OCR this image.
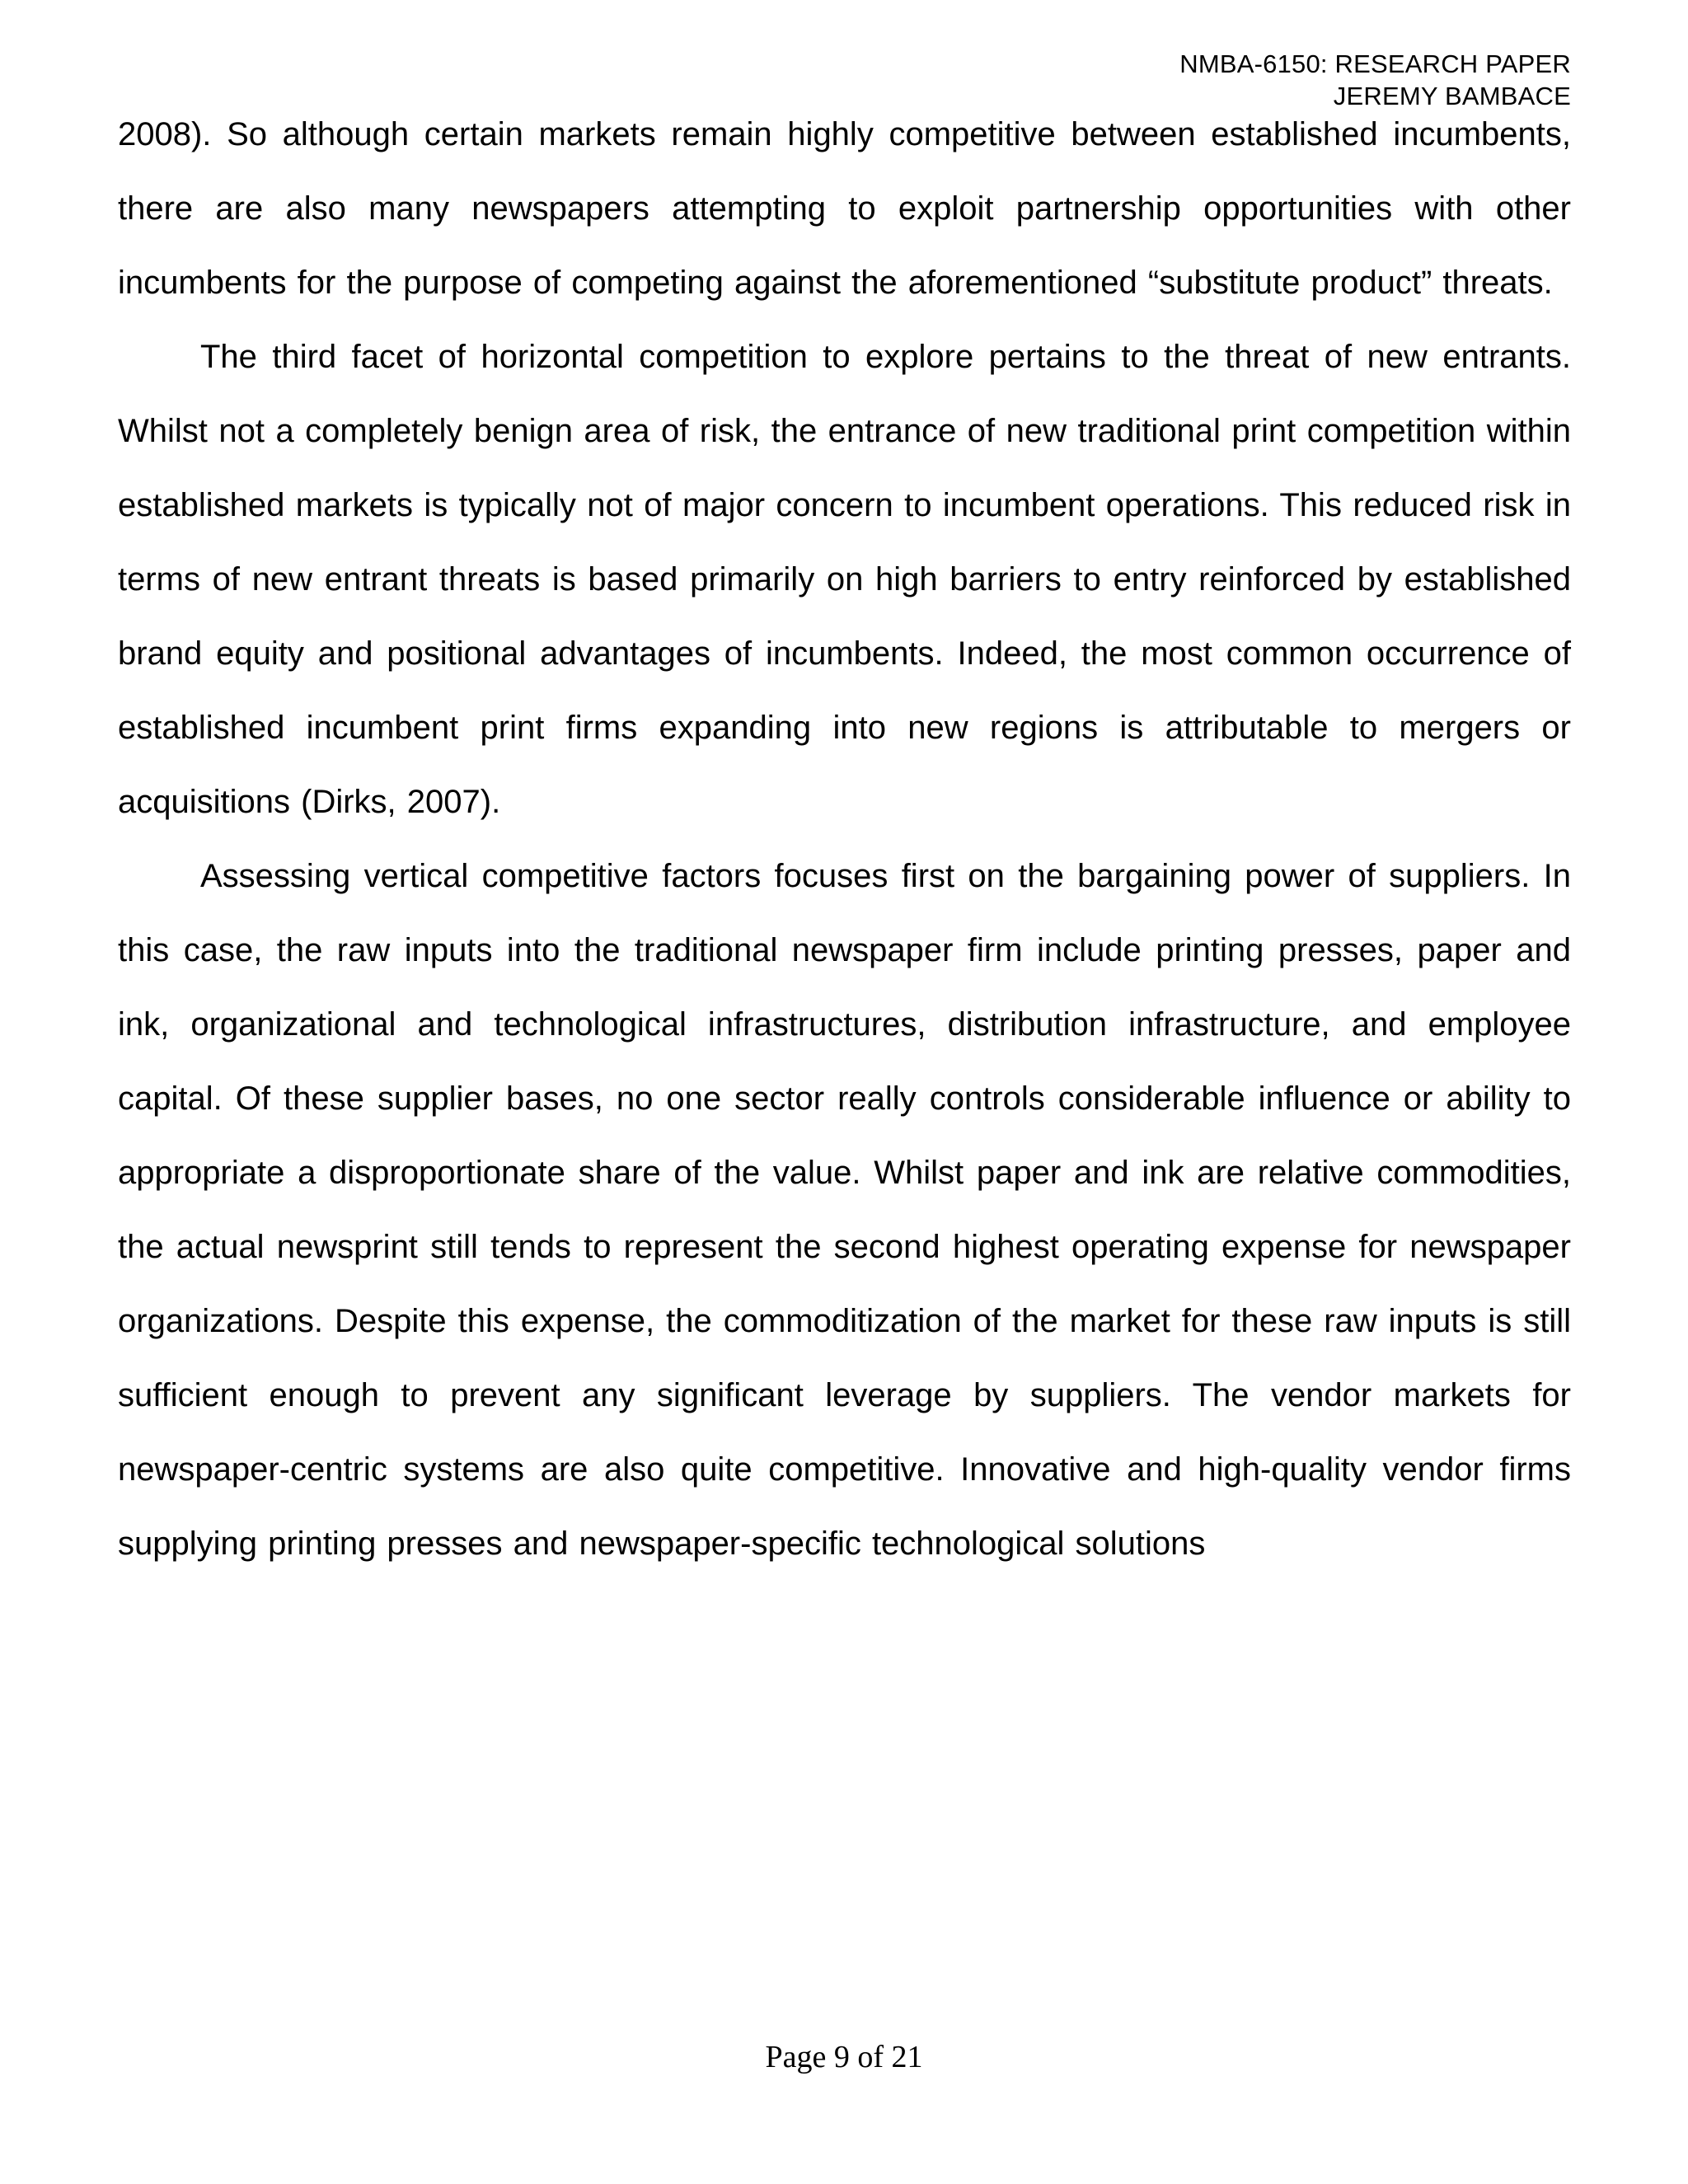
NMBA-6150: RESEARCH PAPER
JEREMY BAMBACE

2008). So although certain markets remain highly competitive between established incumbents, there are also many newspapers attempting to exploit partnership opportunities with other incumbents for the purpose of competing against the aforementioned “substitute product” threats.

The third facet of horizontal competition to explore pertains to the threat of new entrants. Whilst not a completely benign area of risk, the entrance of new traditional print competition within established markets is typically not of major concern to incumbent operations. This reduced risk in terms of new entrant threats is based primarily on high barriers to entry reinforced by established brand equity and positional advantages of incumbents. Indeed, the most common occurrence of established incumbent print firms expanding into new regions is attributable to mergers or acquisitions (Dirks, 2007).

Assessing vertical competitive factors focuses first on the bargaining power of suppliers. In this case, the raw inputs into the traditional newspaper firm include printing presses, paper and ink, organizational and technological infrastructures, distribution infrastructure, and employee capital. Of these supplier bases, no one sector really controls considerable influence or ability to appropriate a disproportionate share of the value. Whilst paper and ink are relative commodities, the actual newsprint still tends to represent the second highest operating expense for newspaper organizations. Despite this expense, the commoditization of the market for these raw inputs is still sufficient enough to prevent any significant leverage by suppliers. The vendor markets for newspaper-centric systems are also quite competitive. Innovative and high-quality vendor firms supplying printing presses and newspaper-specific technological solutions

Page 9 of 21
